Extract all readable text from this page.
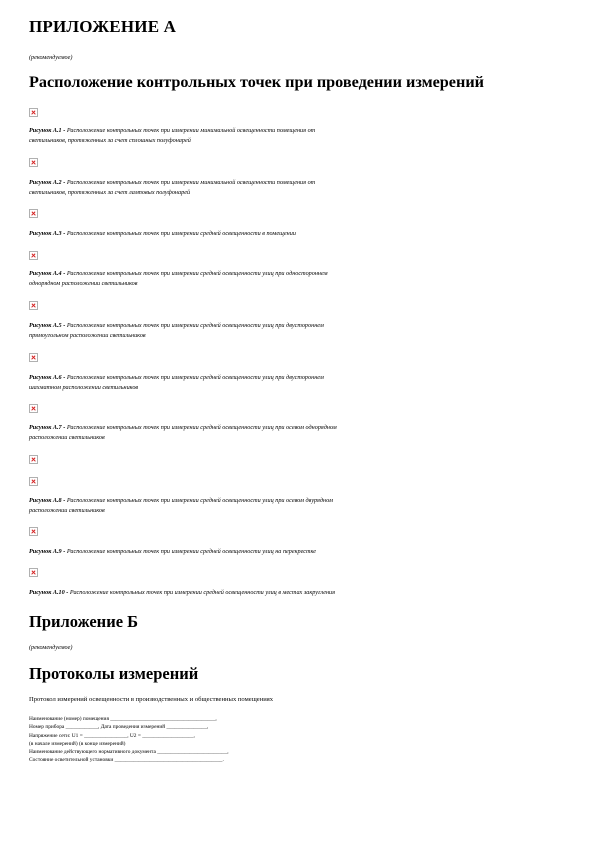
ПРИЛОЖЕНИЕ А
(рекомендуемое)
Расположение контрольных точек при проведении измерений
Рисунок А.1 - Расположение контрольных точек при измерении минимальной освещенности помещения от
светильников, протяженных за счет сплошных полуфонарей
Рисунок А.2 - Расположение контрольных точек при измерении минимальной освещенности помещения от
светильников, протяженных за счет ламповых полуфонарей
Рисунок А.3 - Расположение контрольных точек при измерении средней освещенности в помещении
Рисунок А.4 - Расположение контрольных точек при измерении средней освещенности улиц при одностороннем
однорядном расположении светильников
Рисунок А.5 - Расположение контрольных точек при измерении средней освещенности улиц при двустороннем
прямоугольном расположении светильников
Рисунок А.6 - Расположение контрольных точек при измерении средней освещенности улиц при двустороннем
шахматном расположении светильников
Рисунок А.7 - Расположение контрольных точек при измерении средней освещенности улиц при осевом однорядном
расположении светильников
Рисунок А.8 - Расположение контрольных точек при измерении средней освещенности улиц при осевом двурядном
расположении светильников
Рисунок А.9 - Расположение контрольных точек при измерении средней освещенности улиц на перекрестке
Рисунок А.10 - Расположение контрольных точек при измерении средней освещенности улиц в местах закругления
Приложение Б
(рекомендуемое)
Протоколы измерений
Протокол измерений освещенности в производственных и общественных помещениях
Наименование (номер) помещения _______________________________________,
Номер прибора ____________, Дата проведения измерений _______________,
Напряжение сети: U1 = ________________, U2 = ___________________,
(в начале измерений) (в конце измерений)
Наименование действующего нормативного документа __________________________,
Состояние осветительной установки ________________________________________.
